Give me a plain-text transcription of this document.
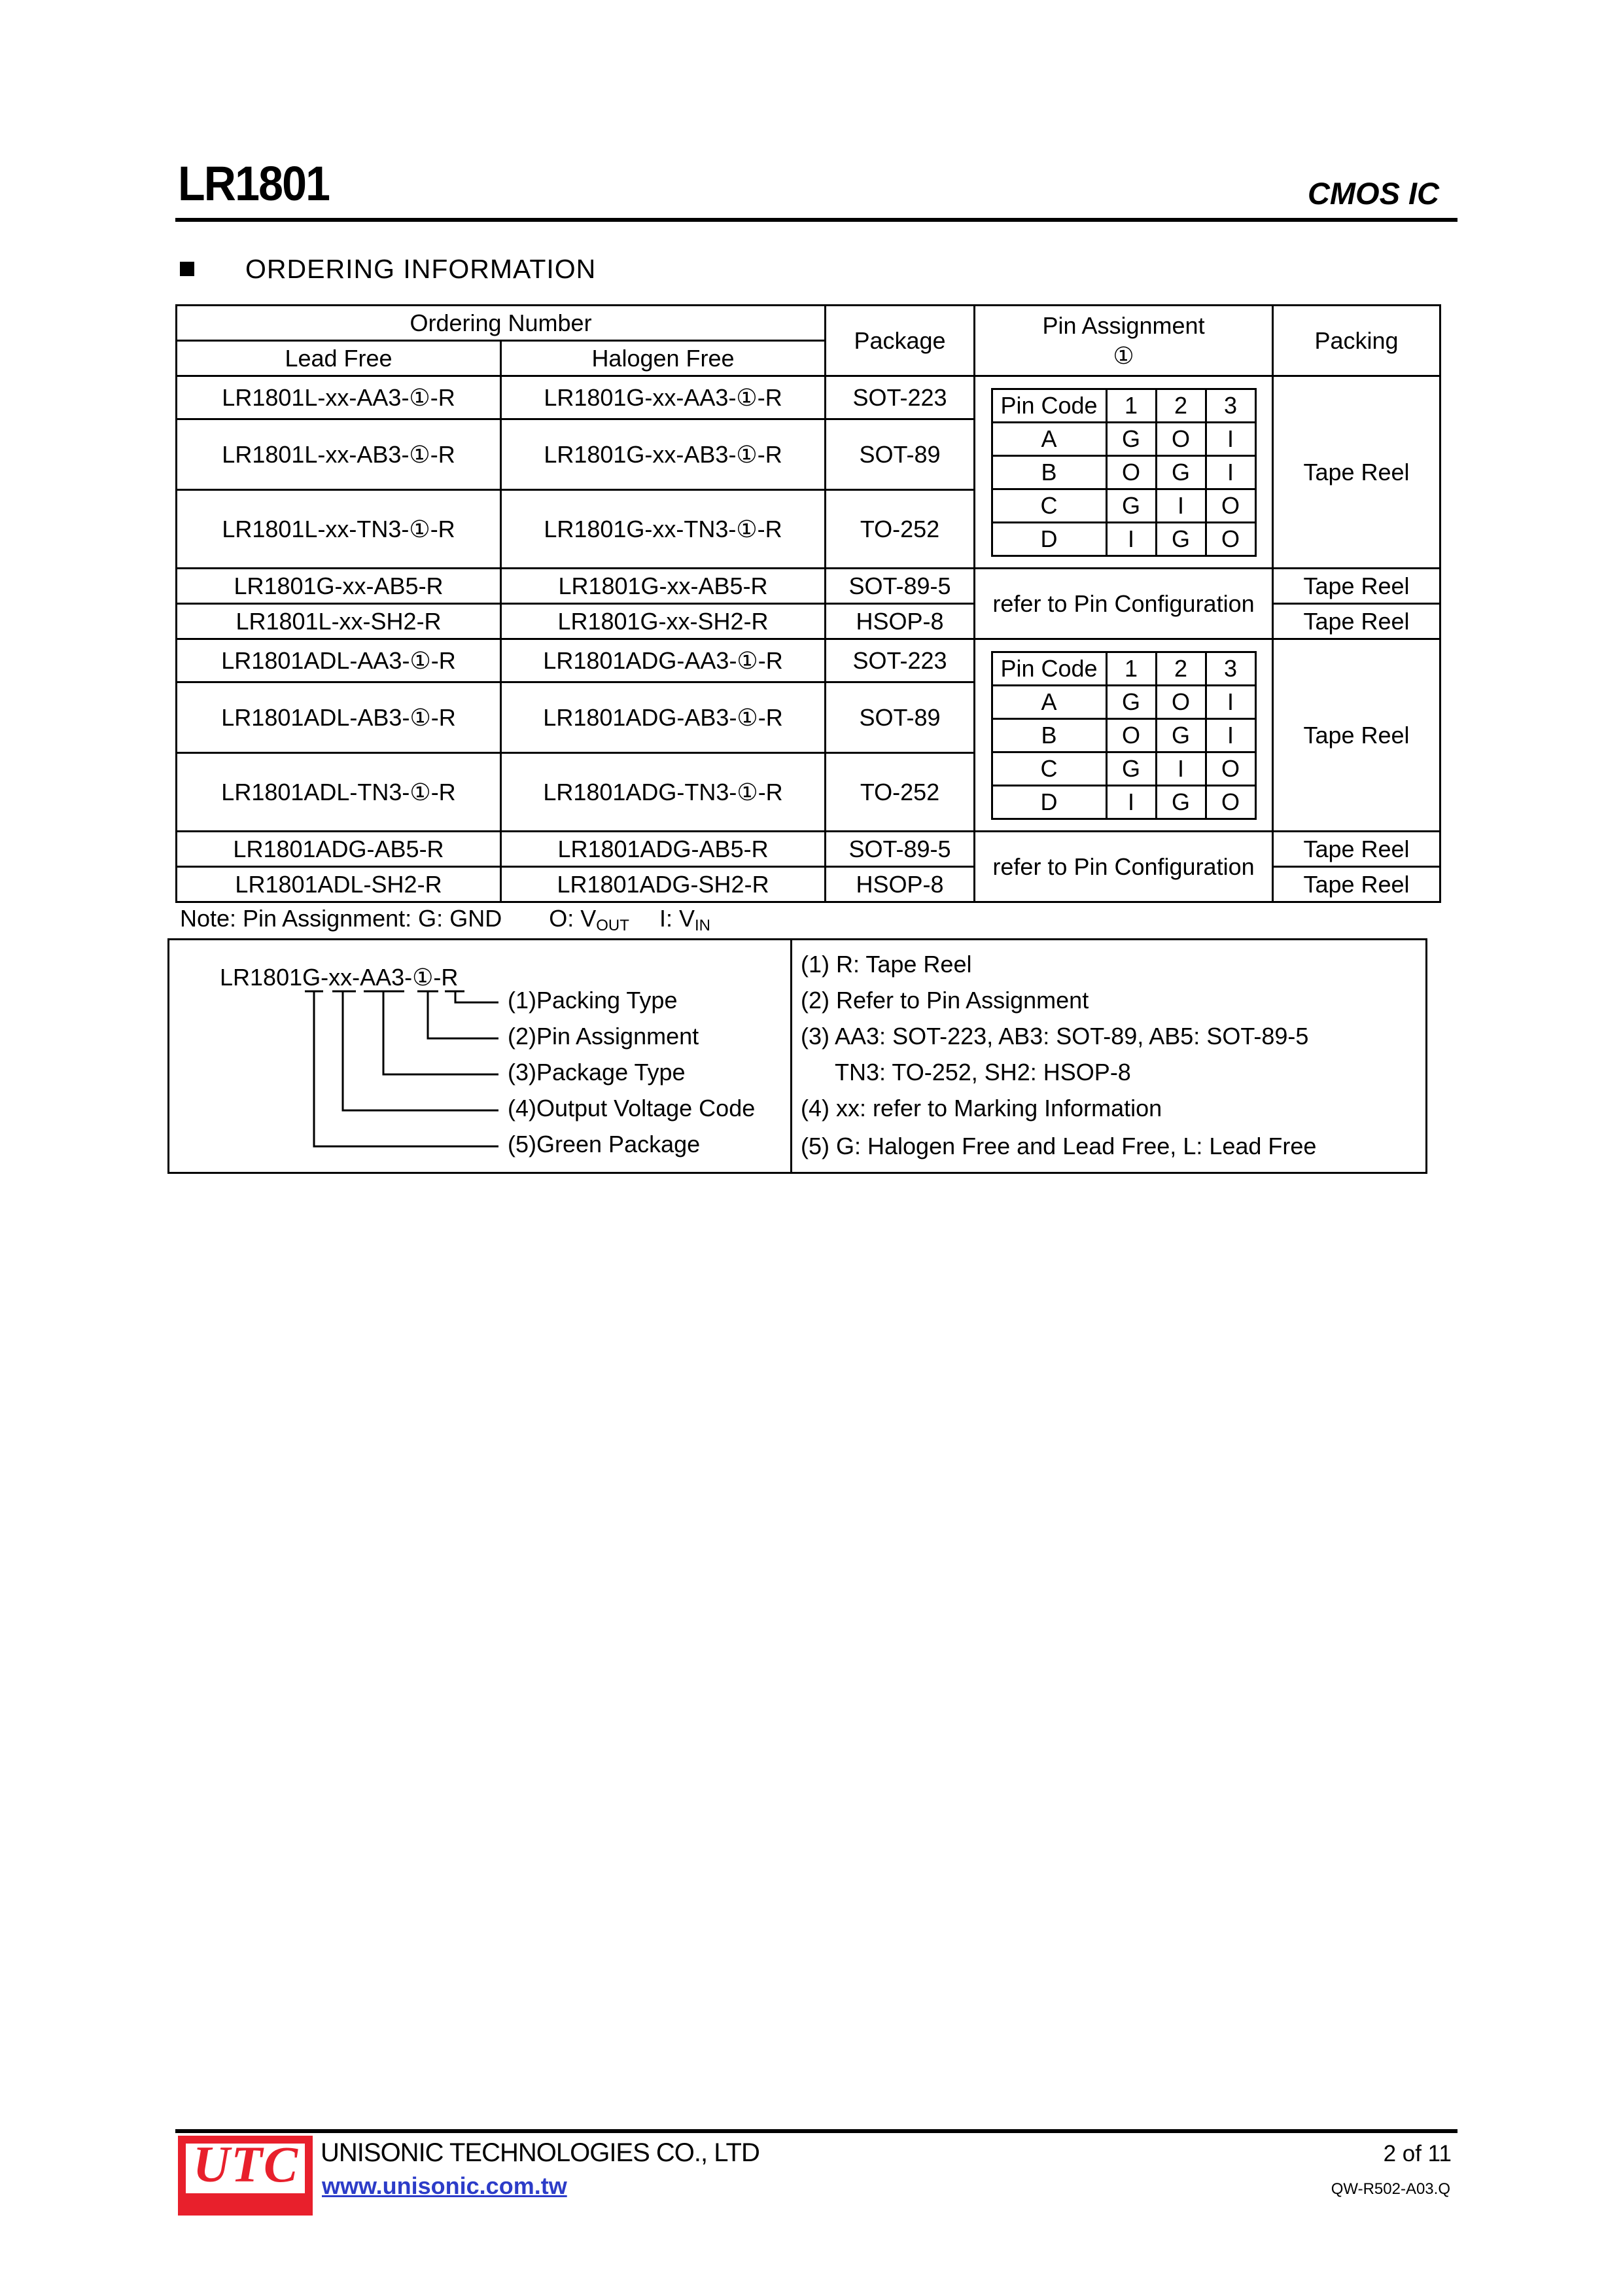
LR1801	CMOS IC
ORDERING INFORMATION
Ordering Number	Package	
Pin Assignment
①
	Packing
Lead Free	Halogen Free
LR1801L-xx-AA3-①-R	LR1801G-xx-AA3-①-R	SOT-223	Pin Code	1	2	3
A	G	O	I
B	O	G	I
C	G	I	O
D	I	G	O
	Tape Reel
LR1801L-xx-AB3-①-R	LR1801G-xx-AB3-①-R	SOT-89
LR1801L-xx-TN3-①-R	LR1801G-xx-TN3-①-R	TO-252
LR1801G-xx-AB5-R	LR1801G-xx-AB5-R	SOT-89-5	refer to Pin Configuration	Tape Reel
LR1801L-xx-SH2-R	LR1801G-xx-SH2-R	HSOP-8	Tape Reel
LR1801ADL-AA3-①-R	LR1801ADG-AA3-①-R	SOT-223	Pin Code	1	2	3
A	G	O	I
B	O	G	I
C	G	I	O
D	I	G	O
	Tape Reel
LR1801ADL-AB3-①-R	LR1801ADG-AB3-①-R	SOT-89
LR1801ADL-TN3-①-R	LR1801ADG-TN3-①-R	TO-252
LR1801ADG-AB5-R	LR1801ADG-AB5-R	SOT-89-5	refer to Pin Configuration	Tape Reel
LR1801ADL-SH2-R	LR1801ADG-SH2-R	HSOP-8	Tape Reel
Note: Pin Assignment: G: GND O: $V_{OUT}$ I: $V_{IN}$
LR1801G-xx-AA3-①-R
(1)Packing Type
(2)Pin Assignment
(3)Package Type
(4)Output Voltage Code
(5)Green Package
(1) R: Tape Reel
(2) Refer to Pin Assignment
(3) AA3: SOT-223, AB3: SOT-89, AB5: SOT-89-5
TN3: TO-252, SH2: HSOP-8
(4) xx: refer to Marking Information
(5) G: Halogen Free and Lead Free, L: Lead Free
UTC UNISONIC TECHNOLOGIES CO., LTD
www.unisonic.com.tw
2 of 11
QW-R502-A03.Q
